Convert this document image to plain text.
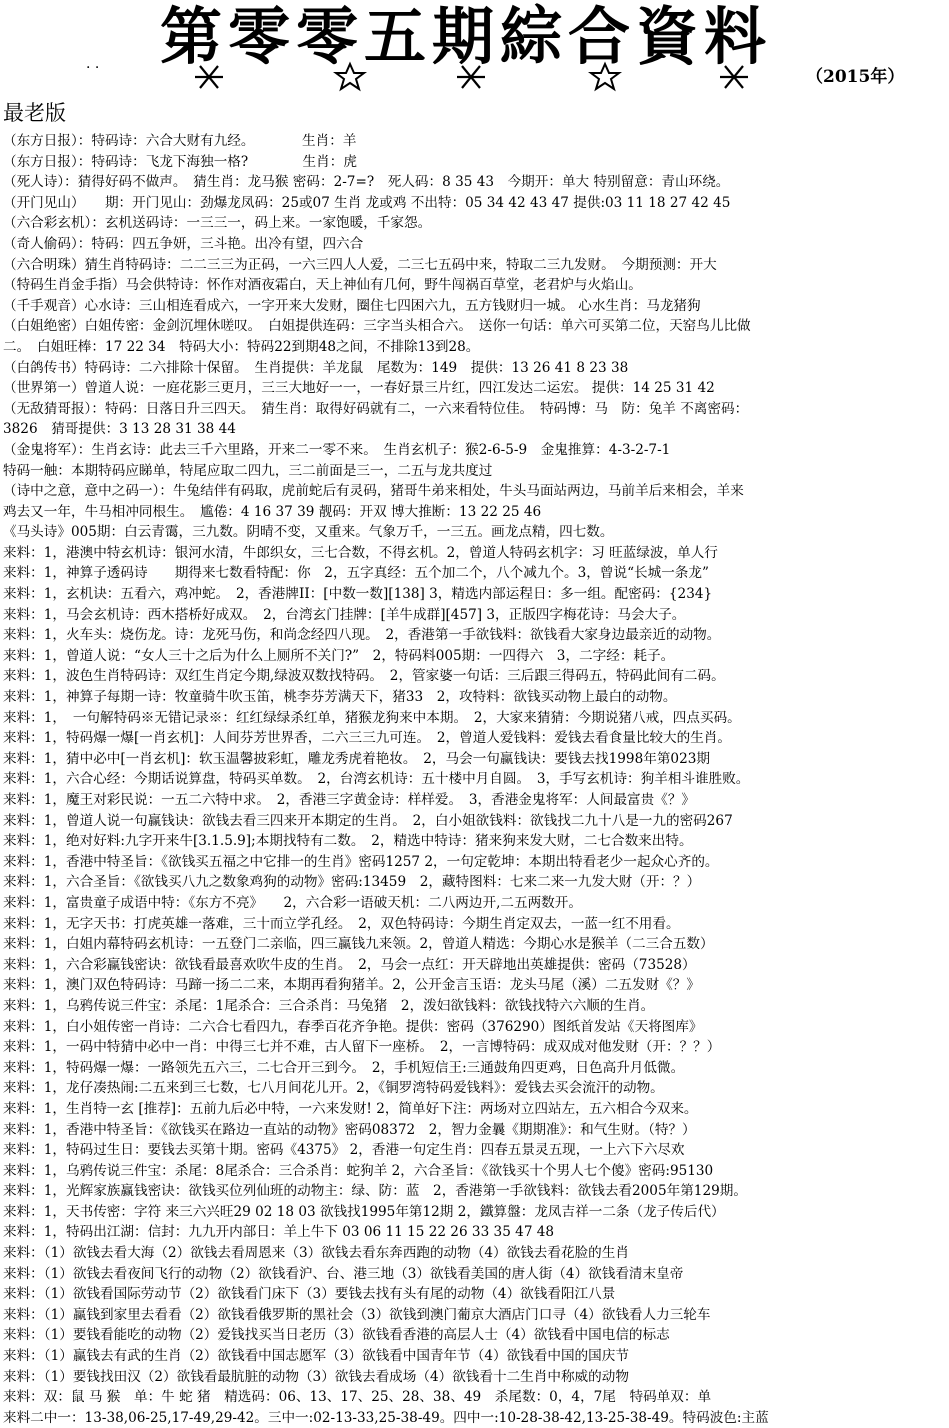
第零零五期綜合資料
· ·	（2015年）
最老版
（东方日报）：特码诗：六合大财有九经。　　　　生肖：羊
（东方日报）：特码诗：飞龙下海独一格?　　　　生肖：虎
（死人诗）：猜得好码不做声。　猜生肖：龙马猴 密码：2-7=?　死人码：8 35 43　今期开：单大 特别留意：青山环绕。
（开门见山）　　期：开门见山：劲爆龙凤码：25或07 生肖 龙或鸡 不出特：05 34 42 43 47 提供:03 11 18 27 42 45
（六合彩玄机）：玄机送码诗：一三三一，码上来。一家饱暖，千家怨。
（奇人偷码）：特码：四五争妍，三斗艳。出冷有望，四六合
（六合明珠）猜生肖特码诗：二二三三为正码，一六三四人人爱，二三七五码中来，特取二三九发财。　今期预测：开大
（特码生肖金手指）马会供特诗：怀作对酒夜霜白，天上神仙有几何，野牛闯祸百草堂，老君炉与火焰山。
（千手观音）心水诗：三山相连看成六，一字开来大发财，圈住七四困六九，五方钱财归一城。 心水生肖：马龙猪狗
（白姐绝密）白姐传密：金剑沉埋休嗟叹。　白姐提供连码：三字当头相合六。　送你一句话：单六可买第二位，天窑鸟儿比做
二。　白姐旺棒：17 22 34　特码大小：特码22到期48之间，不排除13到28。
（白鸽传书）特码诗：二六排除十保留。　生肖提供：羊龙鼠　尾数为：149　提供：13 26 41 8 23 38
（世界第一）曾道人说：一庭花影三更月，三三大地好一一，一春好景三片红，四江发达二运宏。 提供：14 25 31 42
（无敌猜哥报）：特码：日落日升三四天。　猜生肖：取得好码就有二，一六来看特位佳。　特码博：马　防：兔羊 不离密码：
3826　猜哥提供：3 13 28 31 38 44
（金鬼将军）：生肖玄诗：此去三千六里路，开来二一零不来。　生肖玄机子：猴2-6-5-9　金鬼推算：4-3-2-7-1
特码一触：本期特码应睇单，特尾应取二四九，三二前面是三一，二五与龙共度过
（诗中之意，意中之码一）：牛兔结伴有码取，虎前蛇后有灵码，猪哥牛弟来相处，牛头马面站两边，马前羊后来相会，羊来
鸡去又一年，牛马相冲同根生。　尴倦：4 16 37 39 靓码：开双 博大推断：13 22 25 46
《马头诗》005期：白云青霭，三九数。阴晴不变，又重来。气象万千，一三五。画龙点精，四七数。
来料：1，港澳中特玄机诗：银河水清，牛郎织女，三七合数，不得玄机。2，曾道人特码玄机字：习 旺蓝绿波，单人行
来料：1，神算子透码诗　　期得来七数看特配：你　2，五字真经：五个加二个，八个减九个。3，曾说“长城一条龙”
来料：1，玄机诀：五看六，鸡冲蛇。　2，香港牌II：[中数一数][138] 3，精选内部运程日：多一组。配密码：{234}
来料：1，马会玄机诗：西木搭桥好成双。　2，台湾玄门挂牌：[羊牛成群][457] 3，正版四字梅花诗：马会大子。
来料：1，火车头：烧伤龙。诗：龙死马伤，和尚念经四八现。　2，香港第一手欲钱料：欲钱看大家身边最亲近的动物。
来料：1，曾道人说：“女人三十之后为什么上厕所不关门?”　2，特码料005期：一四得六　3，二字经：耗子。
来料：1，波色生肖特码诗：双红生肖定今期,绿波双数找特码。　2，管家婆一句话：三后跟三得码五，特码此间有二码。
来料：1，神算子每期一诗：牧童骑牛吹玉笛，桃李芬芳满天下，猪33　2，攻特料：欲钱买动物上最白的动物。
来料：1，　一句解特码※无错记录※：红红绿绿杀红单，猪猴龙狗来中本期。　2，大家来猜猜：今期说猪八戒，四点买码。
来料：1，特码爆一爆[一肖玄机]：人间芬芳世界香，二六三三九可连。　2，曾道人爱钱料：爱钱去看食量比较大的生肖。
来料：1，猜中必中[一肖玄机]：软玉温馨披彩虹，雕龙秀虎着艳妆。　2，马会一句赢钱诀：要钱去找1998年第023期
来料：1，六合心经：今期话说算盘，特码买单数。　2，台湾玄机诗：五十楼中月自圆。　3，手写玄机诗：狗羊相斗谁胜败。
来料：1，魔王对彩民说：一五二六特中求。　2，香港三字黄金诗：样样爱。　3，香港金鬼将军：人间最富贵《？》
来料：1，曾道人说一句赢钱诀：欲钱去看三四来开本期定的生肖。　2，白小姐欲钱料：欲钱找二九十八是一九的密码267
来料：1，绝对好料:九字开来牛[3.1.5.9];本期找特有二数。　2，精选中特诗：猪来狗来发大财，二七合数来出特。
来料：1，香港中特圣旨：《欲钱买五福之中它排一的生肖》密码1257 2，一句定乾坤：本期出特看老少一起众心齐的。
来料：1，六合圣旨：《欲钱买八九之数象鸡狗的动物》密码:13459　2，藏特图料：七来二来一九发大财（开：？）
来料：1，富贵童子成语中特：《东方不亮》　　2，六合彩一语破天机：二八两边开,二五两数开。
来料：1，无字天书：打虎英雄一落难，三十而立学孔经。　2，双色特码诗：今期生肖定双去，一蓝一红不用看。
来料：1，白姐内幕特码玄机诗：一五登门二亲临，四三赢钱九来领。2，曾道人精选：今期心水是猴羊（二三合五数）
来料：1，六合彩赢钱密诀：欲钱看最喜欢吹牛皮的生肖。　2，马会一点红：开天辟地出英雄提供：密码（73528）
来料：1，澳门双色特码诗：马蹄一扬二二来，本期再看狗猪羊。2，公开金言玉语：龙头马尾（溪）二五发财《？》
来料：1，乌鸦传说三件宝：杀尾：1尾杀合：三合杀肖：马兔猪　2，泼妇欲钱料：欲钱找特六六顺的生肖。
来料：1，白小姐传密一肖诗：二六合七看四九，春季百花齐争艳。提供：密码（376290）图纸首发站《天将图库》
来料：1，一码中特猜中必中一肖：中得三七并不难，古人留下一座桥。　2，一言博特码：成双成对他发财（开：？？）
来料：1，特码爆一爆：一路领先五六三，二七合开三到今。　2，手机短信王:三通鼓角四更鸡，日色高升月低微。
来料：1，龙仔凑热闹:二五来到三七数，七八月间花儿开。2，《铜罗湾特码爱钱料》：爱钱去买会流汗的动物。
来料：1，生肖特一玄 [推荐]：五前九后必中特，一六来发财! 2，简单好下注：两场对立四站左，五六相合今双来。
来料：1，香港中特圣旨：《欲钱买在路边一直站的动物》密码08372　2，智力金曩《期期准》：和气生财。（特？）
来料：1，特码过生日：要钱去买第十期。密码《4375》 2，香港一句定生肖：四春五景灵五现，一上六下六尽欢
来料：1，乌鸦传说三件宝：杀尾：8尾杀合：三合杀肖：蛇狗羊 2，六合圣旨：《欲钱买十个男人七个傻》密码:95130
来料：1，光辉家族赢钱密诀：欲钱买位列仙班的动物主：绿、防：蓝　2，香港第一手欲钱料：欲钱去看2005年第129期。
来料：1，天书传密：字符 来三六兴旺29 02 18 03 欲钱找1995年第12期 2，鐵算盤：龙凤吉祥一二条（龙子传后代）
来料：1，特码出江湖：信封：九九开内部日：羊上牛下 03 06 11 15 22 26 33 35 47 48
来料：（1）欲钱去看大海（2）欲钱去看周恩来（3）欲钱去看东奔西跑的动物（4）欲钱去看花脸的生肖
来料：（1）欲钱去看夜间飞行的动物（2）欲钱看沪、台、港三地（3）欲钱看美国的唐人街（4）欲钱看清末皇帝
来料：（1）欲钱看国际劳动节（2）欲钱看门床下（3）要钱去找有头有尾的动物（4）欲钱看阳江八景
来料：（1）赢钱到家里去看看（2）欲钱看俄罗斯的黑社会（3）欲钱到澳门葡京大酒店门口寻（4）欲钱看人力三轮车
来料：（1）要钱看能吃的动物（2）爱钱找买当日老历（3）欲钱看香港的高层人士（4）欲钱看中国电信的标志
来料：（1）赢钱去有武的生肖（2）欲钱看中国志愿军（3）欲钱看中国青年节（4）欲钱看中国的国庆节
来料：（1）要钱找田汉（2）欲钱看最肮脏的动物（3）欲钱去看成场（4）欲钱看十二生肖中称威的动物
来料：双：鼠 马 猴　单：牛 蛇 猪　精选码：06、13、17、25、28、38、49　杀尾数：0，4，7尾　特码单双：单
来料二中一：13-38,06-25,17-49,29-42。三中一:02-13-33,25-38-49。四中一:10-28-38-42,13-25-38-49。特码波色:主蓝
